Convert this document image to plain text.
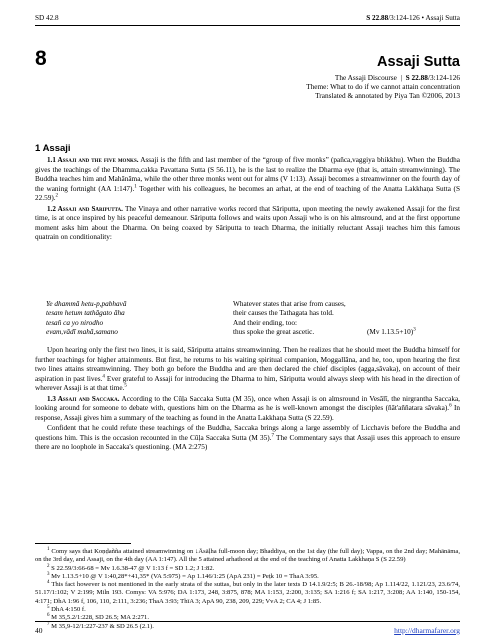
SD 42.8	S 22.88/3:124-126 • Assaji Sutta
8	Assaji Sutta
The Assaji Discourse  |  S 22.88/3:124-126
Theme: What to do if we cannot attain concentration
Translated & annotated by Piya Tan ©2006, 2013
1 Assaji

1.1 Assaji and the five monks. Assaji is the fifth and last member of the “group of five monks” (pañca,vaggiya bhikkhu). When the Buddha gives the teachings of the Dhamma,cakka Pavattana Sutta (S 56.11), he is the last to realize the Dharma eye (that is, attain streamwinning). The Buddha teaches him and Mahānāma, while the other three monks went out for alms (V 1:13). Assaji becomes a streamwinner on the fourth day of the waning fortnight (AA 1:147).$^1$ Together with his colleagues, he becomes an arhat, at the end of teaching of the Anatta Lakkhaṇa Sutta (S 22.59).$^2$

1.2 Assaji and Sāriputta. The Vinaya and other narrative works record that Sāriputta, upon meeting the newly awakened Assaji for the first time, is at once inspired by his peaceful demeanour. Sāriputta follows and waits upon Assaji who is on his almsround, and at the first opportune moment asks him about the Dharma. On being coaxed by Sāriputta to teach Dharma, the initially reluctant Assaji teaches him this famous quatrain on conditionality:

Ye dhammā hetu-p,pabhavā	Whatever states that arise from causes,
tesam hetum tathāgato āha	their causes the Tathagata has told.
tesañ ca yo nirodho	And their ending, too:
evam,vādī mahā,samano	thus spoke the great ascetic.	(Mv 1.13.5+10)$^3$

Upon hearing only the first two lines, it is said, Sāriputta attains streamwinning. Then he realizes that he should meet the Buddha himself for further teachings for higher attainments. But first, he returns to his waiting spiritual companion, Moggallāna, and he, too, upon hearing the first two lines attains streamwinning. They both go before the Buddha and are then declared the chief disciples (agga,sāvaka), on account of their aspiration in past lives.$^4$ Ever grateful to Assaji for introducing the Dharma to him, Sāriputta would always sleep with his head in the direction of wherever Assaji is at that time.$^5$

1.3 Assaji and Saccaka. According to the Cūḷa Saccaka Sutta (M 35), once when Assaji is on almsround in Vesālī, the nirgrantha Saccaka, looking around for someone to debate with, questions him on the Dharma as he is well-known amongst the disciples (ñāt'aññatara sāvaka).$^6$ In response, Assaji gives him a summary of the teaching as found in the Anatta Lakkhaṇa Sutta (S 22.59).

Confident that he could refute these teachings of the Buddha, Saccaka brings along a large assembly of Licchavis before the Buddha and questions him. This is the occasion recounted in the Cūḷa Saccaka Sutta (M 35).$^7$ The Commentary says that Assaji uses this approach to ensure there are no loophole in Saccaka's questioning. (MA 2:275)

$^1$ Comy says that Koṇḍañña attained streamwinning on ↓Āsāḷha full-moon day; Bhaddiya, on the 1st day (the full day); Vappa, on the 2nd day; Mahānāma, on the 3rd day, and Assaji, on the 4th day (AA 1:147). All the 5 attained arhathood at the end of the teaching of Anatta Lakkhaṇa S (S 22.59)

$^2$ S 22.59/3:66-68 = Mv 1.6.38-47 @ V 1:13 f = SD 1.2; J 1:82.

$^3$ Mv 1.13.5+10 @ V 1:40,28*+41,35* (VA 5:975) = Ap 1.146/1:25 (ApA 231) = Peṭk 10 = ThaA 3:95.

$^4$ This fact however is not mentioned in the early strata of the suttas, but only in the later texts D 14.1.9/2:5; B 26.-18/98; Ap 1.114/22, 1.121/23, 23.6/74, 51.17/1:102; V 2:199; Miln 193. Comys: VA 5:976; DA 1:173, 248, 3:875, 878; MA 1:153, 2:200, 3:135; SA 1:216 f; SA 1:217, 3:208; AA 1:140, 150-154, 4:171; DhA 1:96 f, 106, 110, 2:111, 3:236; ThaA 3:93; ThīA 3; ApA 90, 238, 209, 229; VvA 2; CA 4; J 1:85.

$^5$ DhA 4:150 f.

$^6$ M 35,5.2/1:228, SD 26.5; MA 2:271.

$^7$ M 35,9-12/1:227-237 & SD 26.5 (2.1).

40	http://dharmafarer.org
